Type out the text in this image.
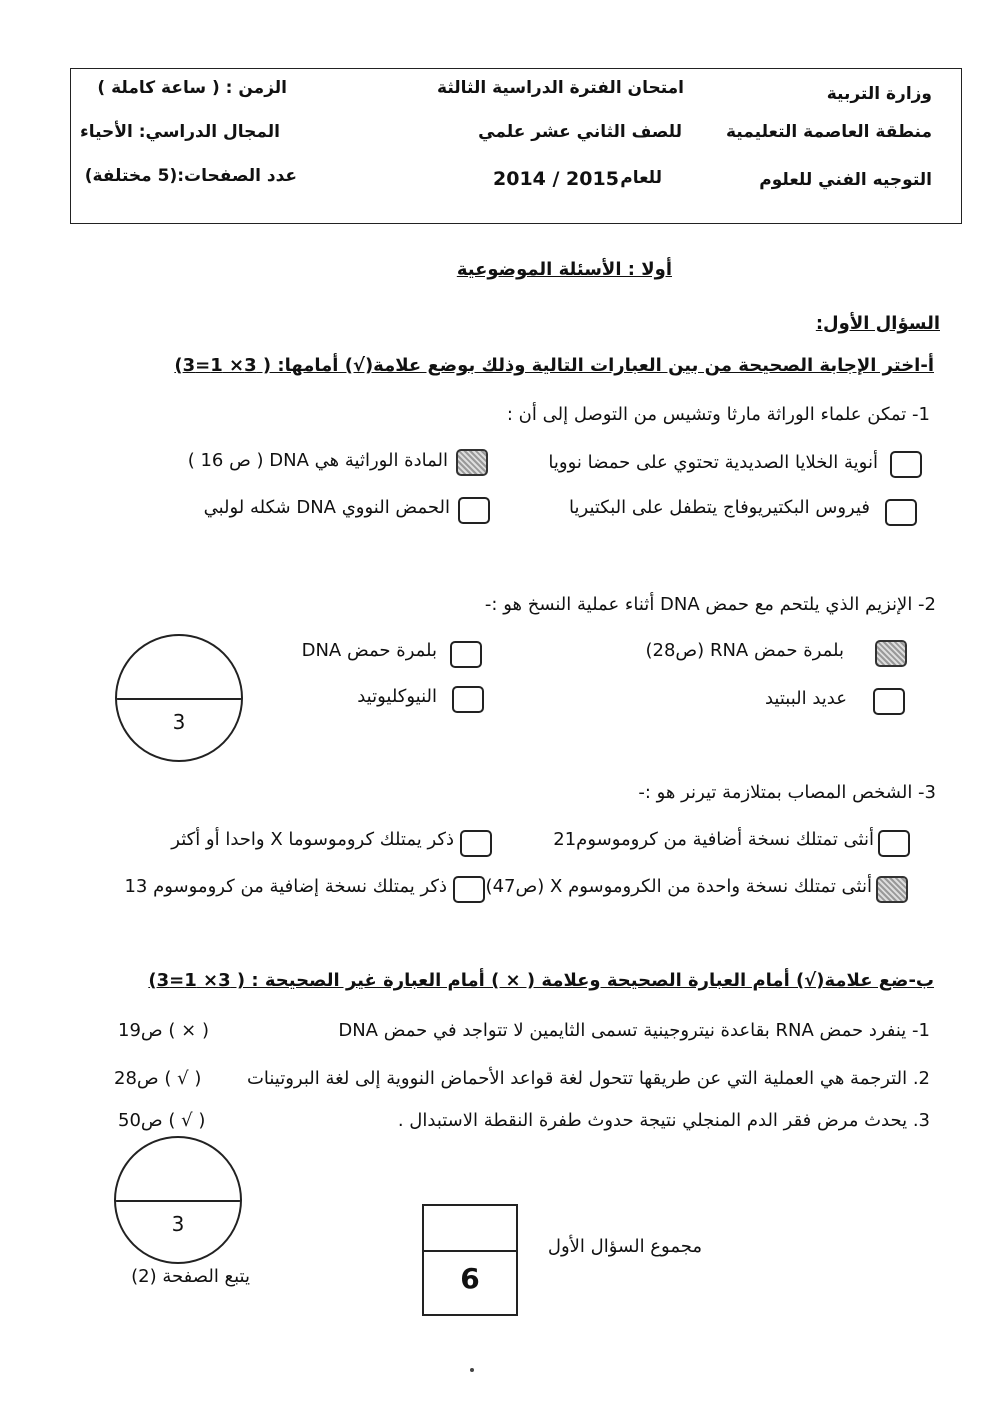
وزارة التربية
منطقة العاصمة التعليمية
التوجيه الفني للعلوم
امتحان الفترة الدراسية الثالثة
للصف الثاني عشر علمي
للعام
2014 / 2015
الزمن : ( ساعة كاملة )
المجال الدراسي: الأحياء
عدد الصفحات:(5 مختلفة)
أولا : الأسئلة الموضوعية
السؤال الأول:
أ-اختر الإجابة الصحيحة من بين العبارات التالية وذلك بوضع علامة(√) أمامها: ( 3× 1=3)
1- تمكن علماء الوراثة مارثا وتشيس من التوصل إلى أن :
أنوية الخلايا الصديدية تحتوي على حمضا نوويا
المادة الوراثية هي DNA ( ص 16 )
فيروس البكتيريوفاج يتطفل على البكتيريا
الحمض النووي DNA شكله لولبي
2- الإنزيم الذي يلتحم مع حمض DNA أثناء عملية النسخ هو :-
بلمرة حمض RNA (ص28)
بلمرة حمض DNA
عديد الببتيد
النيوكليوتيد
3
3- الشخص المصاب بمتلازمة تيرنر هو :-
أنثى تمتلك نسخة أضافية من كروموسوم21
ذكر يمتلك كروموسوما X واحدا أو أكثر
أنثى تمتلك نسخة واحدة من الكروموسوم X (ص47)
ذكر يمتلك نسخة إضافية من كروموسوم 13
ب-ضع علامة(√) أمام العبارة الصحيحة وعلامة ( × ) أمام العبارة غير الصحيحة : ( 3× 1=3)
1- ينفرد حمض RNA بقاعدة نيتروجينية تسمى الثايمين لا تتواجد في حمض DNA
( × ) ص19
2. الترجمة هي العملية التي عن طريقها تتحول لغة قواعد الأحماض النووية إلى لغة البروتينات
( √ ) ص28
3. يحدث مرض فقر الدم المنجلي نتيجة حدوث طفرة النقطة الاستبدال .
( √ ) ص50
3
يتبع الصفحة (2)
مجموع السؤال الأول
6
